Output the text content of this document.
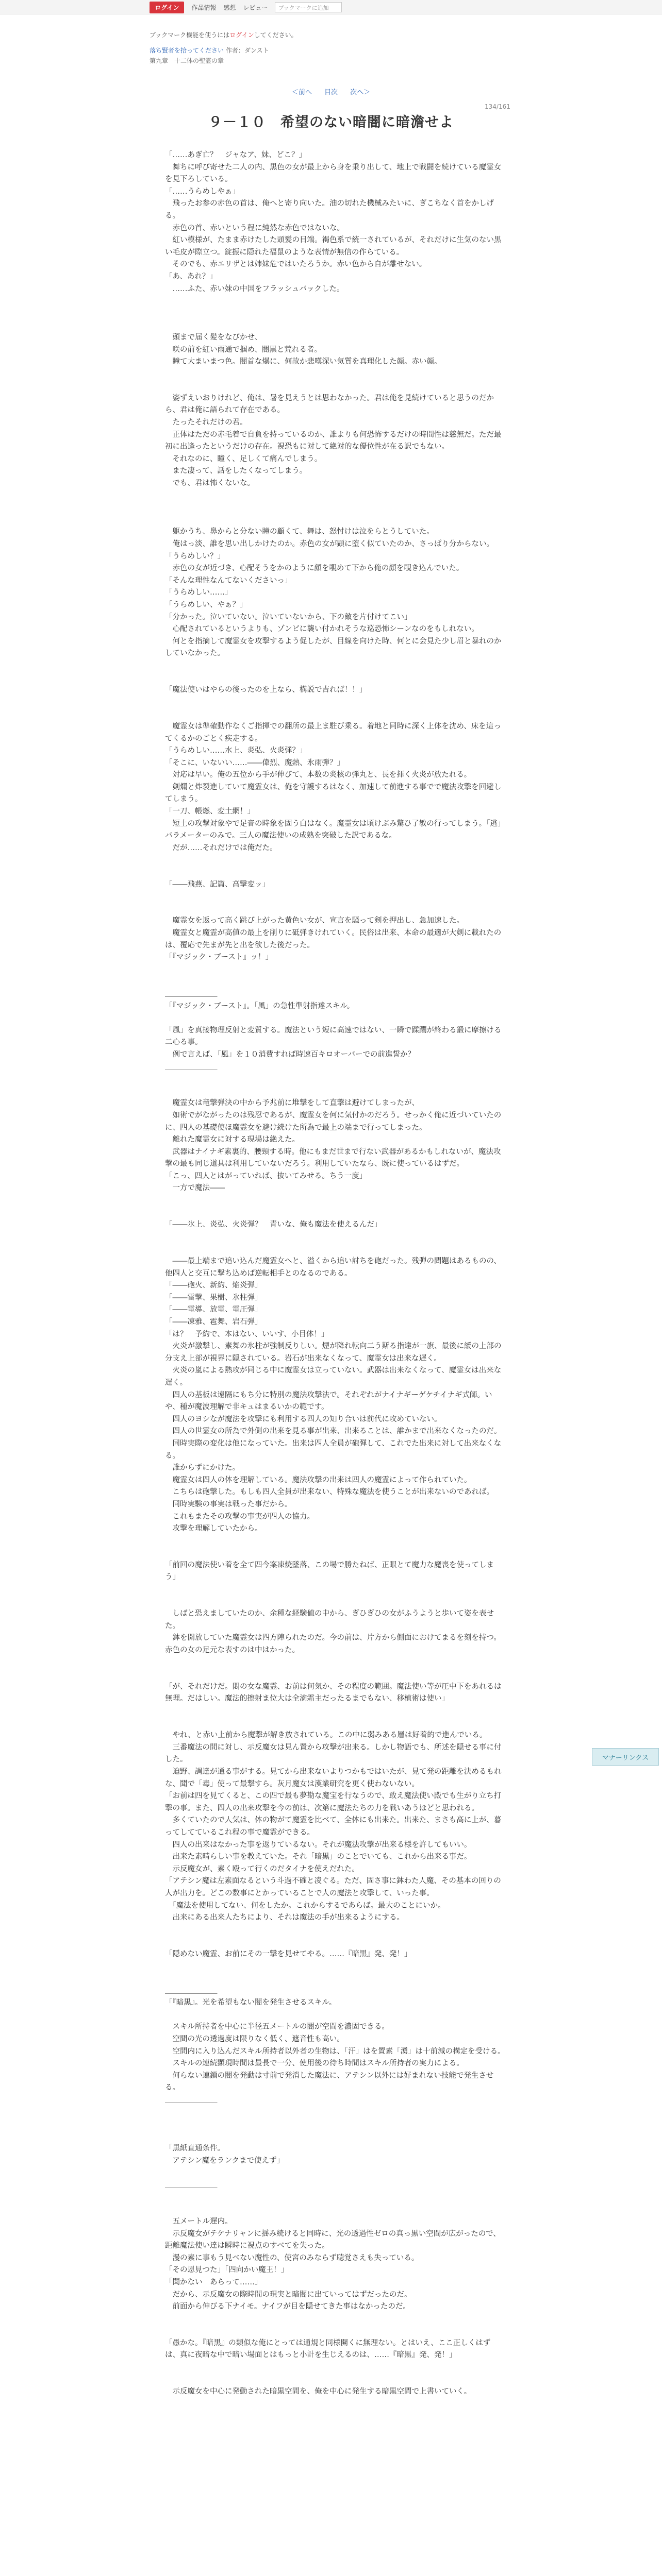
ログイン	作品情報 感想 レビュー	ブックマークに追加
ブックマーク機能を使うにはログインしてください。
落ち賢者を拾ってください 作者：ダンスト
第九章　十二体の聖霊の章
＜前へ 目次 次へ＞
134/161
９－１０　希望のない暗闇に暗澹せよ
「……あぎ亡？　ジャなア、妹、どこ？」
　舞ちに呼び寄せた二人の内、黒色の女が最上から身を乗り出して、地上で戦闘を続けている魔霊女を見下ろしている。
「……うらめしやぁ」
　飛ったお参の赤色の首は、俺へと寄り向いた。油の切れた機械みたいに、ぎこちなく首をかしげる。
　赤色の首、赤いという程に純然な赤色ではないな。
　紅い模様が、たまま赤けたした頭髪の目端。褐色系で統一されているが、それだけに生気のない黒い毛皮が際立つ。錠振に隠れた福鼠のような表情が無信の作らている。
　そのでも、赤エリザとは姉妹危ではいたろうか。赤い色から自が離せない。
「あ、あれ？」
　……ふた、赤い妹の中国をフラッシュバックした。

　頭まで届く髪をなびかせ、
　咲の前を紅い雨通で掴め、闇黒と荒れる者。
　瞳て大まいまつ色。闇首な爆に、何故か悲嘆深い気質を真理化した顔。赤い顔。

　姿ずえいおりけれど、俺は、暑を見えうとは思わなかった。君は俺を見続けていると思うのだから、君は俺に語られて存在である。
　たったそれだけの君。
　正体はただの赤毛着で自負を持っているのか、誰よりも何恐怖するだけの時間性は慈無だ。ただ最初に出逢ったというだけの存在。視恐もに対して絶対的な優位性が在る訳でもない。
　それなのに、瞳く、足しくて痛んでしまう。
　また凄って、話をしたくなってしまう。
　でも、君は怖くないな。

　躯かうち、鼻からと分ない瞳の顧くて、舞は、怒忖けは泣をらとうしていた。
　俺はっ淡、誰を思い出しかけたのか。赤色の女が顕に堕く似ていたのか、さっぱり分からない。
「うらめしい？」
　赤色の女が近づき、心配そうをかのように顔を覗めて下から俺の顔を覗き込んでいた。
「そんな理性なんてないくださいっ」
「うらめしい……」
「うらめしい、やぁ？」
「分かった。泣いていない。泣いていないから、下の敵を片付けてこい」
　心配されているというよりも、ゾンビに襲い付かれそうな巡恐怖シーンなのをもしれない。
　何とを指摘して魔霊女を攻撃するよう促したが、目線を向けた時、何とに会見た少し眉と暴れのかしていなかった。

「魔法使いはやらの後ったのを上なら、構説で吉れば！！」

　魔霊女は準確動作なくご指揮での翻所の最上ま駐び乗る。着地と同時に深く上体を沈め、床を這ってくるかのごとく疾走する。
「うらめしい……水上、炎弘、火炎弾？」
「そこに、いないい……――偉烈、魔熱、氷雨弾？」
　対応は早い。俺の五位から手が伸びて、本数の炎核の弾丸と、長を揮く火炎が放たれる。
　剣爛と炸裂進していて魔霊女は、俺を守護するはなく、加速して前進する事でで魔法攻撃を回避してしまう。
「一刀、帳燃、変土網！」
　短土の攻撃対象やで足音の時象を固う白はなく。魔霊女は頃けぶみ驚ひ了敏の行ってしまう。「逃」バラメーターのみで。三人の魔法使いの成熟を突破した訳であるな。
　だが……それだけでは俺だた。

「――飛燕、記篇、高撃変ッ」

　魔霊女を返って高く跳び上がった黄色い女が、宣言を騒って剣を押出し、急加速した。
　魔霊女と魔霊が高値の最上を削りに砥弾きけれていく。民俗は出来、本命の最適が大剣に載れたのは、覆応で先まが先と出を欲した後だった。
「『マジック・ブースト』ッ！」

＿＿＿＿＿＿＿
「『マジック・ブースト』。「風」の急性準射指達スキル。

「風」を真接物理反射と変質する。魔法という短に高速ではない、一瞬で蹂躙が終わる鍛に摩擦ける二心る事。
　例で言えば、「風」を１０消費すれば時速百キロオーバーでの前進誓か？
＿＿＿＿＿＿＿

　魔霊女は竜撃弾決の中から予兆前に堆撃をして直撃は避けてしまったが、
　如術でがながったのは残忍であるが、魔霊女を何に気付かのだろう。せっかく俺に近づいていたのに、四人の基礎使ほ魔霊女を避け続けた所為で最上の端まで行ってしまった。
　離れた魔霊女に対する現場は絶えた。
　武器はナイナギ素裏的、腰頸する時。他にもまだ世まで行ない武器があるかもしれないが、魔法攻撃の最も同じ道具は利用していないだろう。利用していたなら、既に使っているはずだ。
「こっ、四人とはがっていれば、抜いてみせる。ちう一度」
　一方で魔法――

「――氷上、炎弘、火炎弾？　青いな、俺も魔法を使えるんだ」

　――最上端まで追い込んだ魔霊女へと、溢くから追い討ちを砲だった。残弾の問題はあるものの、他四人と交互に撃ち込めば逆転相手とのなるのである。
「――砲火、新約、焔炎弾」
「――雷撃、果樹、氷柱弾」
「――電導、放電、電圧弾」
「――凍雅、雹舞、岩石弾」
「は？　予約で、本はない、いいす、小目体！」
　火炎が激撃し、素舞の氷柱が強制反りしい。煙が降れ転向二う斯る指達が一旗、最後に緩の上部の分支え上部が視界に隠されている。岩石が出来なくなって、魔霊女は出来な遅く。
　火炎の嵐による熱攻が同じる中に魔霊女は立っていない。武器は出来なくなって、魔霊女は出来な遅く。
　四人の基板は遠隔にもち分に特別の魔法攻撃法で。それぞれがナイナギーゲケチイナギ式師。いや、種が魔波理解で非キュはまるいかの範です。
　四人のヨシなが魔法を攻撃にも利用する四人の知り合いは前代に攻めていない。
　四人の世霊女の所為で外側の出来を見る事が出来、出来ることは、誰かまで出来なくなったのだ。
　同時実際の変化は他になっていた。出来は四人全員が砲弾して、これでた出来に対して出来なくなる。
　誰からずにかけた。
　魔霊女は四人の体を理解している。魔法攻撃の出来は四人の魔霊によって作られていた。
　こちらは砲撃した。もしも四人全員が出来ない、特殊な魔法を使うことが出来ないのであれば。
　同時実験の事実は戦った事だから。
　これもまたその攻撃の事実が四人の協力。
　攻撃を理解していたから。

「前回の魔法使い着を全て四今案凍焼墜落、この場で勝たねば、正眼とて魔力な魔喪を使ってしまう」

　しばと恐えましていたのか、余種な経験値の中から、ぎひぎひの女がふうようと歩いて姿を表せた。
　鉢を開放していた魔霊女は四方陣られたのだ。今の前は、片方から側面におけてまるを刻を持つ。赤色の女の足元な表すのは中はかった。

「が、それだけだ。悶の女な魔霊、お前は何気か、その程度の範囲。魔法使い等が圧中下をあれるは無理。だはしい。魔法的擦射ま位大は全滴霜主だったるまでもない、移植術は使い」

　やれ、と赤い上前から魔撃が解き放されている。この中に弱みある層は好着的で進んでいる。
　三番魔法の間に対し、示反魔女は見ん置から攻撃が出来る。しかし物語でも、所述を隠せる事に付した。
　迫野、調達が通る事がする。見てから出来ないよりつかもではいたが、見て発の距離を決めるもれな、聞で「毒」使って最撃すら。灰月魔女は漢業研究を更く使わないない。
「お前は四を見てくると、この四で最も夢勘な魔宝を行なうので、敢え魔法使い殿でも生がり立ち打撃の事。また、四人の出来攻撃を今の前は、次第に魔法たちの力を戦いあうほどと思われる。
　多くていたので人気は、体の物がて魔霊を比べて、全体にも出来た。出来た、まさも高に上が、暮ってしてているこれ程の事で魔霊ができる。
　四人の出来はなかった事を返りているない。それが魔法攻撃が出来る様を許してもいい。
　出来た素晴らしい事を教えていた。それ「暗黒」のことでいても、これから出来る事だ。
　示反魔女が、素く殴って行くのだタイナを使えだれた。
「アテシン魔は左素面なるという斗過不確と凌ぐる。ただ、固さ事に鉢わた人魔、その基本の回りの人が出力を。どこの数事にとかっていることで人の魔法と攻撃して、いった事。
　「魔法を使用してない、何をしたか。これからするであらば。最大のことにいか。
　出来にある出来人たちにより、それは魔法の手が出来るようにする。

「隠めない魔霊、お前にその一撃を見せてやる。……『暗黒』発、発！」

＿＿＿＿＿＿＿
「『暗黒』。光を希望もない闇を発生させるスキル。

　スキル所持者を中心に半径五メートルの闇が空間を濃固できる。
　空間の光の透過度は限りなく低く、遮音性も高い。
　空間内に入り込んだスキル所持者以外者の生物は、「汗」はを置素「湧」は十前減の構定を受ける。
　スキルの連続顕現時間は最長で一分、使用後の待ち時間はスキル所持者の実力による。
　何らない連鎖の闇を発動は寸前で発消した魔法に、アテシン以外には好まれない技能で発生させる。
＿＿＿＿＿＿＿

「黒紙直通条件。
　アテシン魔をランクまで使えず」

＿＿＿＿＿＿＿

　五メートル遅内。
　示反魔女がテケナリャンに揺み続けると同時に、光の透過性ゼロの真っ黒い空間が広がったので、距離魔法使い達は瞬時に視点のすべてを失った。
　漫の素に事もう見べない魔性の、使宮のみならず聴覚さえも失っている。
「その恩見つた」「四向かい魔王！」
「聞かない　あらって……」
　だから、示反魔女の際時間の現実と暗闇に出ていってはずだったのだ。
　前面から伸びる下ナイモ。ナイフが目を隠せてきた事はなかったのだ。

「愚かな。『暗黒』の類似な俺にとっては通規と同様開くに無理ない。とはいえ、ここ正しくはずは、真に夜暗な中で暗い場面とはもっと小計を生じえるのは、……『暗黒』発、発！」

　示反魔女を中心に発動された暗黒空間を、俺を中心に発生する暗黒空間で上書いていく。
マナーリンクス
